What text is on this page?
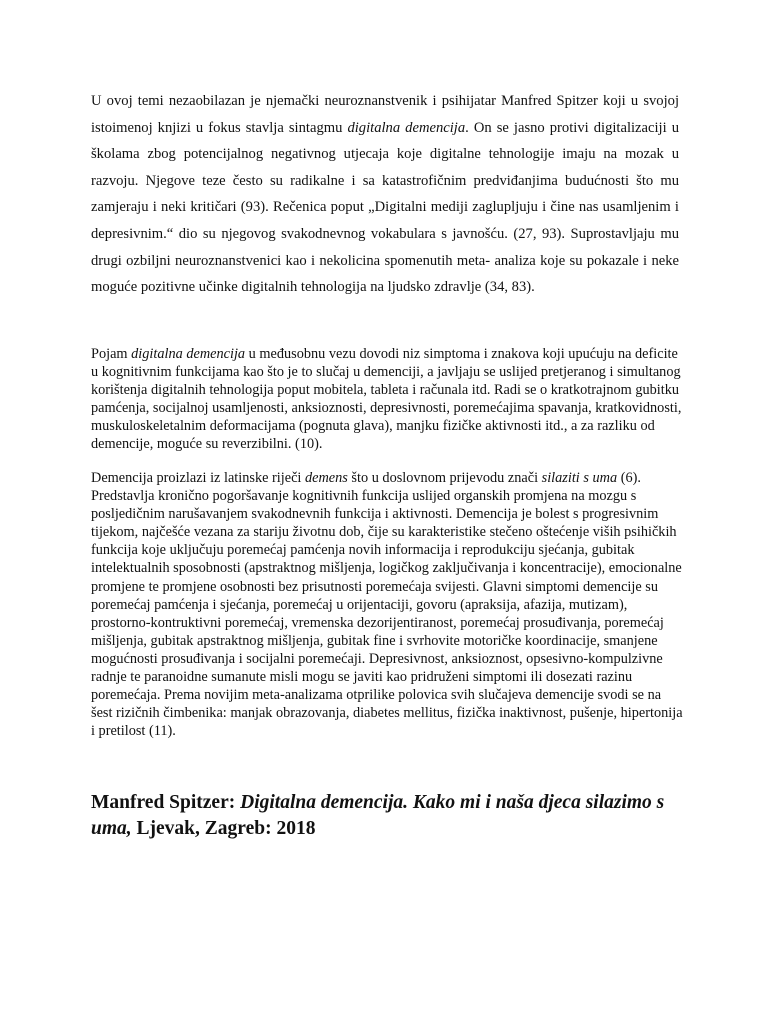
U ovoj temi nezaobilazan je njemački neuroznanstvenik i psihijatar Manfred Spitzer koji u svojoj istoimenoj knjizi u fokus stavlja sintagmu digitalna demencija. On se jasno protivi digitalizaciji u školama zbog potencijalnog negativnog utjecaja koje digitalne tehnologije imaju na mozak u razvoju. Njegove teze često su radikalne i sa katastrofičnim predviđanjima budućnosti što mu zamjeraju i neki kritičari (93). Rečenica poput „Digitalni mediji zaglupljuju i čine nas usamljenim i depresivnim.“ dio su njegovog svakodnevnog vokabulara s javnošću. (27, 93). Suprostavljaju mu drugi ozbiljni neuroznanstvenici kao i nekolicina spomenutih meta- analiza koje su pokazale i neke moguće pozitivne učinke digitalnih tehnologija na ljudsko zdravlje (34, 83).

Pojam digitalna demencija u međusobnu vezu dovodi niz simptoma i znakova koji upućuju na deficite u kognitivnim funkcijama kao što je to slučaj u demenciji, a javljaju se uslijed pretjeranog i simultanog korištenja digitalnih tehnologija poput mobitela, tableta i računala itd. Radi se o kratkotrajnom gubitku pamćenja, socijalnoj usamljenosti, anksioznosti, depresivnosti, poremećajima spavanja, kratkovidnosti, muskuloskeletalnim deformacijama (pognuta glava), manjku fizičke aktivnosti itd., a za razliku od demencije, moguće su reverzibilni. (10).

Demencija proizlazi iz latinske riječi demens što u doslovnom prijevodu znači silaziti s uma (6). Predstavlja kronično pogoršavanje kognitivnih funkcija uslijed organskih promjena na mozgu s posljedičnim narušavanjem svakodnevnih funkcija i aktivnosti. Demencija je bolest s progresivnim tijekom, najčešće vezana za stariju životnu dob, čije su karakteristike stečeno oštećenje viših psihičkih funkcija koje uključuju poremećaj pamćenja novih informacija i reprodukciju sjećanja, gubitak intelektualnih sposobnosti (apstraktnog mišljenja, logičkog zaključivanja i koncentracije), emocionalne promjene te promjene osobnosti bez prisutnosti poremećaja svijesti. Glavni simptomi demencije su poremećaj pamćenja i sjećanja, poremećaj u orijentaciji, govoru (apraksija, afazija, mutizam), prostorno-kontruktivni poremećaj, vremenska dezorijentiranost, poremećaj prosuđivanja, poremećaj mišljenja, gubitak apstraktnog mišljenja, gubitak fine i svrhovite motoričke koordinacije, smanjene mogućnosti prosuđivanja i socijalni poremećaji. Depresivnost, anksioznost, opsesivno-kompulzivne radnje te paranoidne sumanute misli mogu se javiti kao pridruženi simptomi ili dosezati razinu poremećaja. Prema novijim meta-analizama otprilike polovica svih slučajeva demencije svodi se na šest rizičnih čimbenika: manjak obrazovanja, diabetes mellitus, fizička inaktivnost, pušenje, hipertonija i pretilost (11).

Manfred Spitzer: Digitalna demencija. Kako mi i naša djeca silazimo s uma, Ljevak, Zagreb: 2018
